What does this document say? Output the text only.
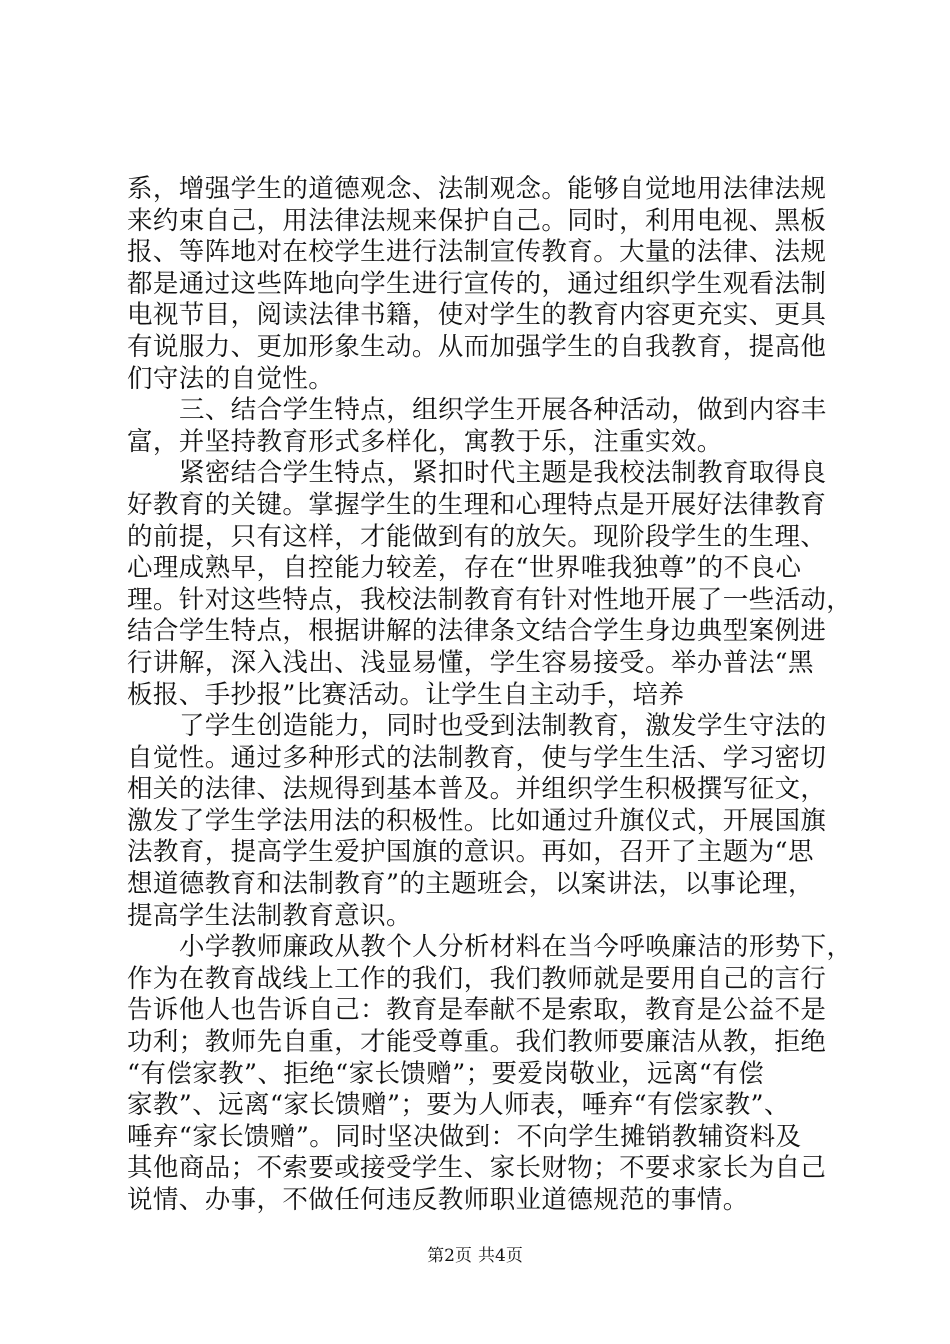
系，增强学生的道德观念、法制观念。能够自觉地用法律法规
来约束自己，用法律法规来保护自己。同时，利用电视、黑板
报、等阵地对在校学生进行法制宣传教育。大量的法律、法规
都是通过这些阵地向学生进行宣传的，通过组织学生观看法制
电视节目，阅读法律书籍，使对学生的教育内容更充实、更具
有说服力、更加形象生动。从而加强学生的自我教育，提高他
们守法的自觉性。
三、结合学生特点，组织学生开展各种活动，做到内容丰
富，并坚持教育形式多样化，寓教于乐，注重实效。
紧密结合学生特点，紧扣时代主题是我校法制教育取得良
好教育的关键。掌握学生的生理和心理特点是开展好法律教育
的前提，只有这样，才能做到有的放矢。现阶段学生的生理、
心理成熟早，自控能力较差，存在“世界唯我独尊”的不良心
理。针对这些特点，我校法制教育有针对性地开展了一些活动，
结合学生特点，根据讲解的法律条文结合学生身边典型案例进
行讲解，深入浅出、浅显易懂，学生容易接受。举办普法“黑
板报、手抄报”比赛活动。让学生自主动手，培养
了学生创造能力，同时也受到法制教育，激发学生守法的
自觉性。通过多种形式的法制教育，使与学生生活、学习密切
相关的法律、法规得到基本普及。并组织学生积极撰写征文，
激发了学生学法用法的积极性。比如通过升旗仪式，开展国旗
法教育，提高学生爱护国旗的意识。再如，召开了主题为“思
想道德教育和法制教育”的主题班会，以案讲法，以事论理，
提高学生法制教育意识。
小学教师廉政从教个人分析材料在当今呼唤廉洁的形势下，
作为在教育战线上工作的我们，我们教师就是要用自己的言行
告诉他人也告诉自己：教育是奉献不是索取，教育是公益不是
功利；教师先自重，才能受尊重。我们教师要廉洁从教，拒绝
“有偿家教”、拒绝“家长馈赠”；要爱岗敬业，远离“有偿
家教”、远离“家长馈赠”；要为人师表，唾弃“有偿家教”、
唾弃“家长馈赠”。同时坚决做到：不向学生摊销教辅资料及
其他商品；不索要或接受学生、家长财物；不要求家长为自己
说情、办事，不做任何违反教师职业道德规范的事情。
第2页 共4页
